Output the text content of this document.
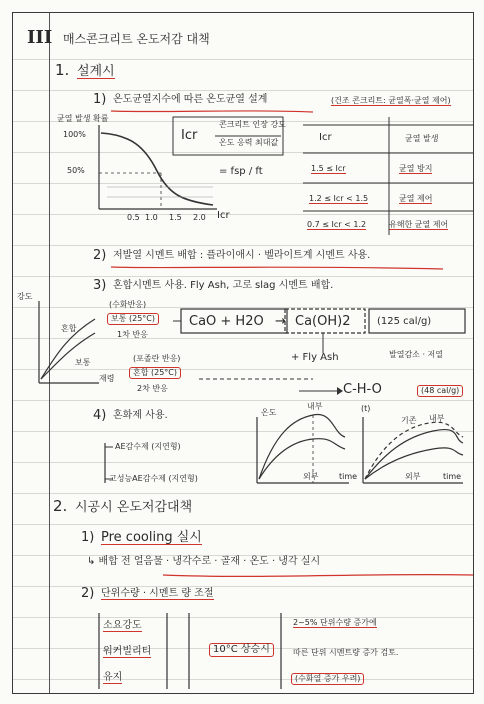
III 매스콘크리트 온도저감 대책
1. 설계시
1) 온도균열지수에 따른 온도균열 설계	(건조 콘크리트: 균열폭·균열 제어)
균열 발생 확률
100%
50%
0.5 1.0 1.5 2.0 Icr
Icr
콘크리트 인장 강도
온도 응력 최대값
= fsp / ft
Icr	균열 발생
1.5 ≤ Icr	균열 방지
1.2 ≤ Icr < 1.5	균열 제어
0.7 ≤ Icr < 1.2	유해한 균열 제어
2) 저발열 시멘트 배합 : 플라이애시 · 벨라이트계 시멘트 사용.
3) 혼합시멘트 사용. Fly Ash, 고로 slag 시멘트 배합.
강도
혼합
보통
재령
(수화반응)
보통 (25°C)
1차 반응
CaO + H2O → Ca(OH)2	(125 cal/g)
(포졸란 반응)
혼합 (25°C)
2차 반응
+ Fly Ash	발열감소 · 저열
C-H-O	(48 cal/g)
4) 혼화제 사용.
AE감수제 (지연형)
고성능AE감수제 (지연형)
온도
내부
외부	time
(t)
기존 내부
외부	time
2. 시공시 온도저감대책
1) Pre cooling 실시
↳ 배합 전 얼음물 · 냉각수로 · 골재 · 온도 · 냉각 실시
2) 단위수량 · 시멘트 량 조절
소요강도
워커빌리티
유지
10°C 상승시
2~5% 단위수량 증가에
따른 단위 시멘트량 증가 검토.
(수화열 증가 우려)
